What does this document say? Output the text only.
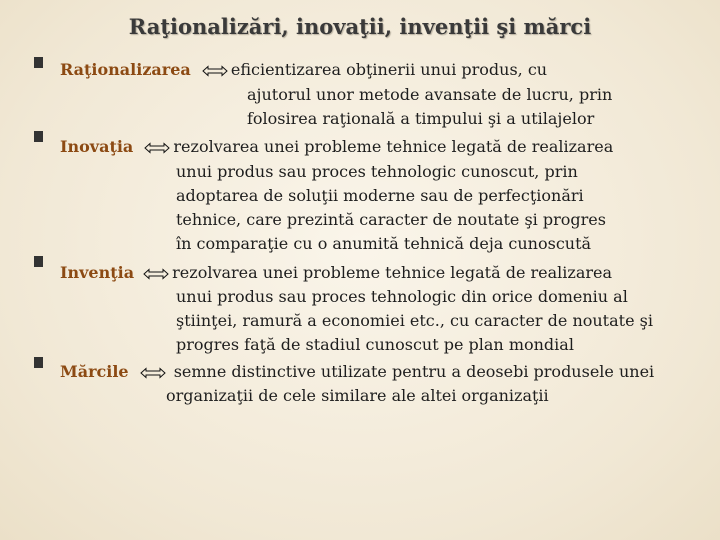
Raţionalizări, inovaţii, invenţii şi mărci
Raţionalizarea	eficientizarea obţinerii unui produs, cu
ajutorul unor metode avansate de lucru, prin
folosirea raţională a timpului şi a utilajelor
Inovaţia	rezolvarea unei probleme tehnice legată de realizarea
unui produs sau proces tehnologic cunoscut, prin
adoptarea de soluţii moderne sau de perfecţionări
tehnice, care prezintă caracter de noutate şi progres
în comparaţie cu o anumită tehnică deja cunoscută
Invenţia rezolvarea unei probleme tehnice legată de realizarea
unui produs sau proces tehnologic din orice domeniu al
ştiinţei, ramură a economiei etc., cu caracter de noutate şi
progres faţă de stadiul cunoscut pe plan mondial
Mărcile	semne distinctive utilizate pentru a deosebi produsele unei
organizaţii de cele similare ale altei organizaţii
